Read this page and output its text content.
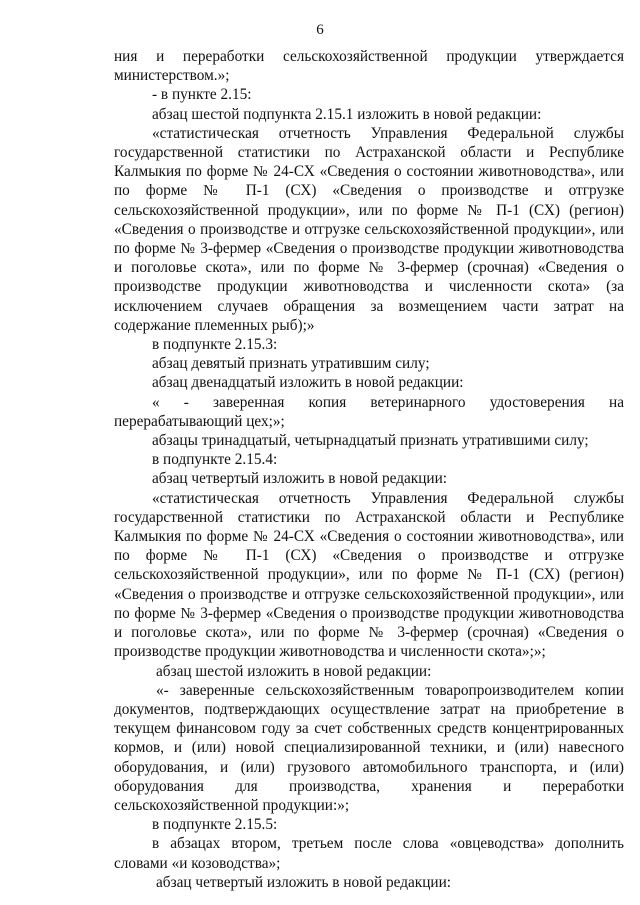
6

ния и переработки сельскохозяйственной продукции утверждается министерством.»;

- в пункте 2.15:

абзац шестой подпункта 2.15.1 изложить в новой редакции:

«статистическая отчетность Управления Федеральной службы государственной статистики по Астраханской области и Республике Калмыкия по форме № 24-СХ «Сведения о состоянии животноводства», или по форме № П-1 (СХ) «Сведения о производстве и отгрузке сельскохозяйственной продукции», или по форме № П-1 (СХ) (регион) «Сведения о производстве и отгрузке сельскохозяйственной продукции», или по форме № 3-фермер «Сведения о производстве продукции животноводства и поголовье скота», или по форме № 3-фермер (срочная) «Сведения о производстве продукции животноводства и численности скота» (за исключением случаев обращения за возмещением части затрат на содержание племенных рыб);»

в подпункте 2.15.3:

абзац девятый признать утратившим силу;

абзац двенадцатый изложить в новой редакции:

« - заверенная копия ветеринарного удостоверения на перерабатывающий цех;»;

абзацы тринадцатый, четырнадцатый признать утратившими силу;

в подпункте 2.15.4:

абзац четвертый изложить в новой редакции:

«статистическая отчетность Управления Федеральной службы государственной статистики по Астраханской области и Республике Калмыкия по форме № 24-СХ «Сведения о состоянии животноводства», или по форме № П-1 (СХ) «Сведения о производстве и отгрузке сельскохозяйственной продукции», или по форме № П-1 (СХ) (регион) «Сведения о производстве и отгрузке сельскохозяйственной продукции», или по форме № 3-фермер «Сведения о производстве продукции животноводства и поголовье скота», или по форме № 3-фермер (срочная) «Сведения о производстве продукции животноводства и численности скота»;»;

абзац шестой изложить в новой редакции:

«- заверенные сельскохозяйственным товаропроизводителем копии документов, подтверждающих осуществление затрат на приобретение в текущем финансовом году за счет собственных средств концентрированных кормов, и (или) новой специализированной техники, и (или) навесного оборудования, и (или) грузового автомобильного транспорта, и (или) оборудования для производства, хранения и переработки сельскохозяйственной продукции:»;

в подпункте 2.15.5:

в абзацах втором, третьем после слова «овцеводства» дополнить словами «и козоводства»;

абзац четвертый изложить в новой редакции:
